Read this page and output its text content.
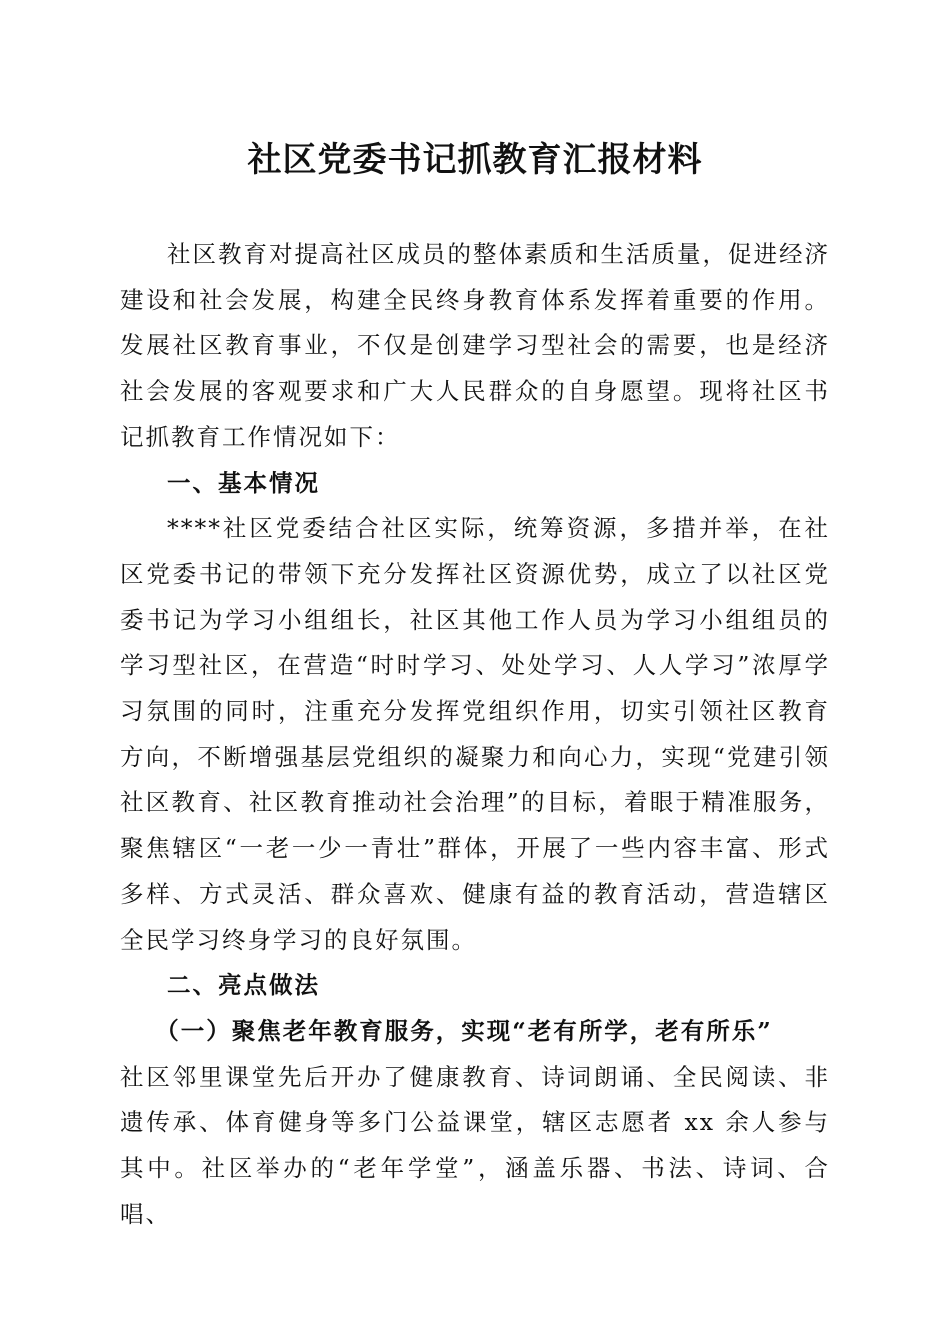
社区党委书记抓教育汇报材料

社区教育对提高社区成员的整体素质和生活质量，促进经济建设和社会发展，构建全民终身教育体系发挥着重要的作用。发展社区教育事业，不仅是创建学习型社会的需要，也是经济社会发展的客观要求和广大人民群众的自身愿望。现将社区书记抓教育工作情况如下：

一、基本情况

****社区党委结合社区实际，统筹资源，多措并举，在社区党委书记的带领下充分发挥社区资源优势，成立了以社区党委书记为学习小组组长，社区其他工作人员为学习小组组员的学习型社区，在营造“时时学习、处处学习、人人学习”浓厚学习氛围的同时，注重充分发挥党组织作用，切实引领社区教育方向，不断增强基层党组织的凝聚力和向心力，实现“党建引领社区教育、社区教育推动社会治理”的目标，着眼于精准服务，聚焦辖区“一老一少一青壮”群体，开展了一些内容丰富、形式多样、方式灵活、群众喜欢、健康有益的教育活动，营造辖区全民学习终身学习的良好氛围。

二、亮点做法
（一）聚焦老年教育服务，实现“老有所学，老有所乐”

社区邻里课堂先后开办了健康教育、诗词朗诵、全民阅读、非遗传承、体育健身等多门公益课堂，辖区志愿者 xx 余人参与其中。社区举办的“老年学堂”，涵盖乐器、书法、诗词、合唱、
